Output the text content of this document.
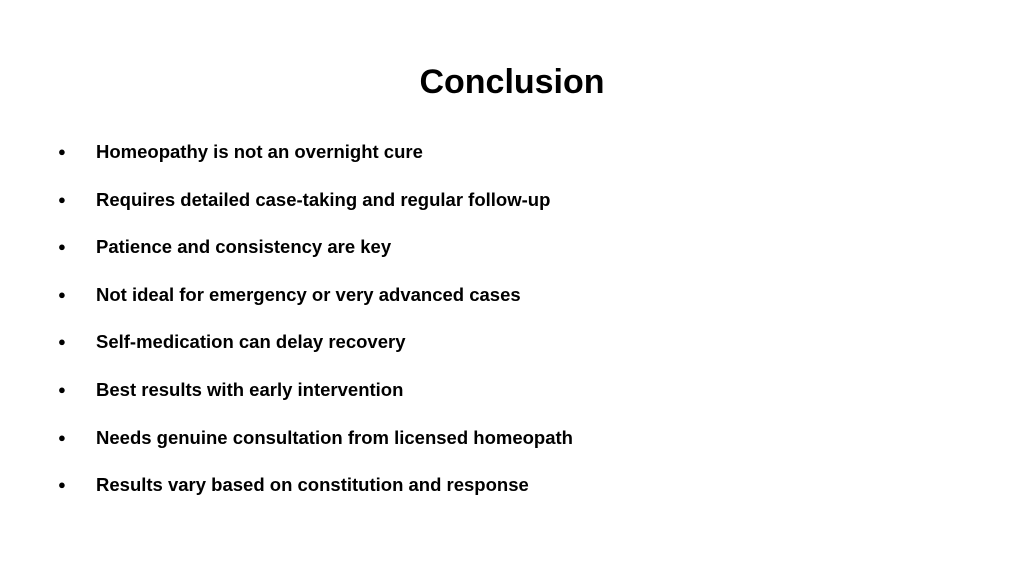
Conclusion
●	Homeopathy is not an overnight cure
●	Requires detailed case-taking and regular follow-up
●	Patience and consistency are key
●	Not ideal for emergency or very advanced cases
●	Self-medication can delay recovery
●	Best results with early intervention
●	Needs genuine consultation from licensed homeopath
●	Results vary based on constitution and response
